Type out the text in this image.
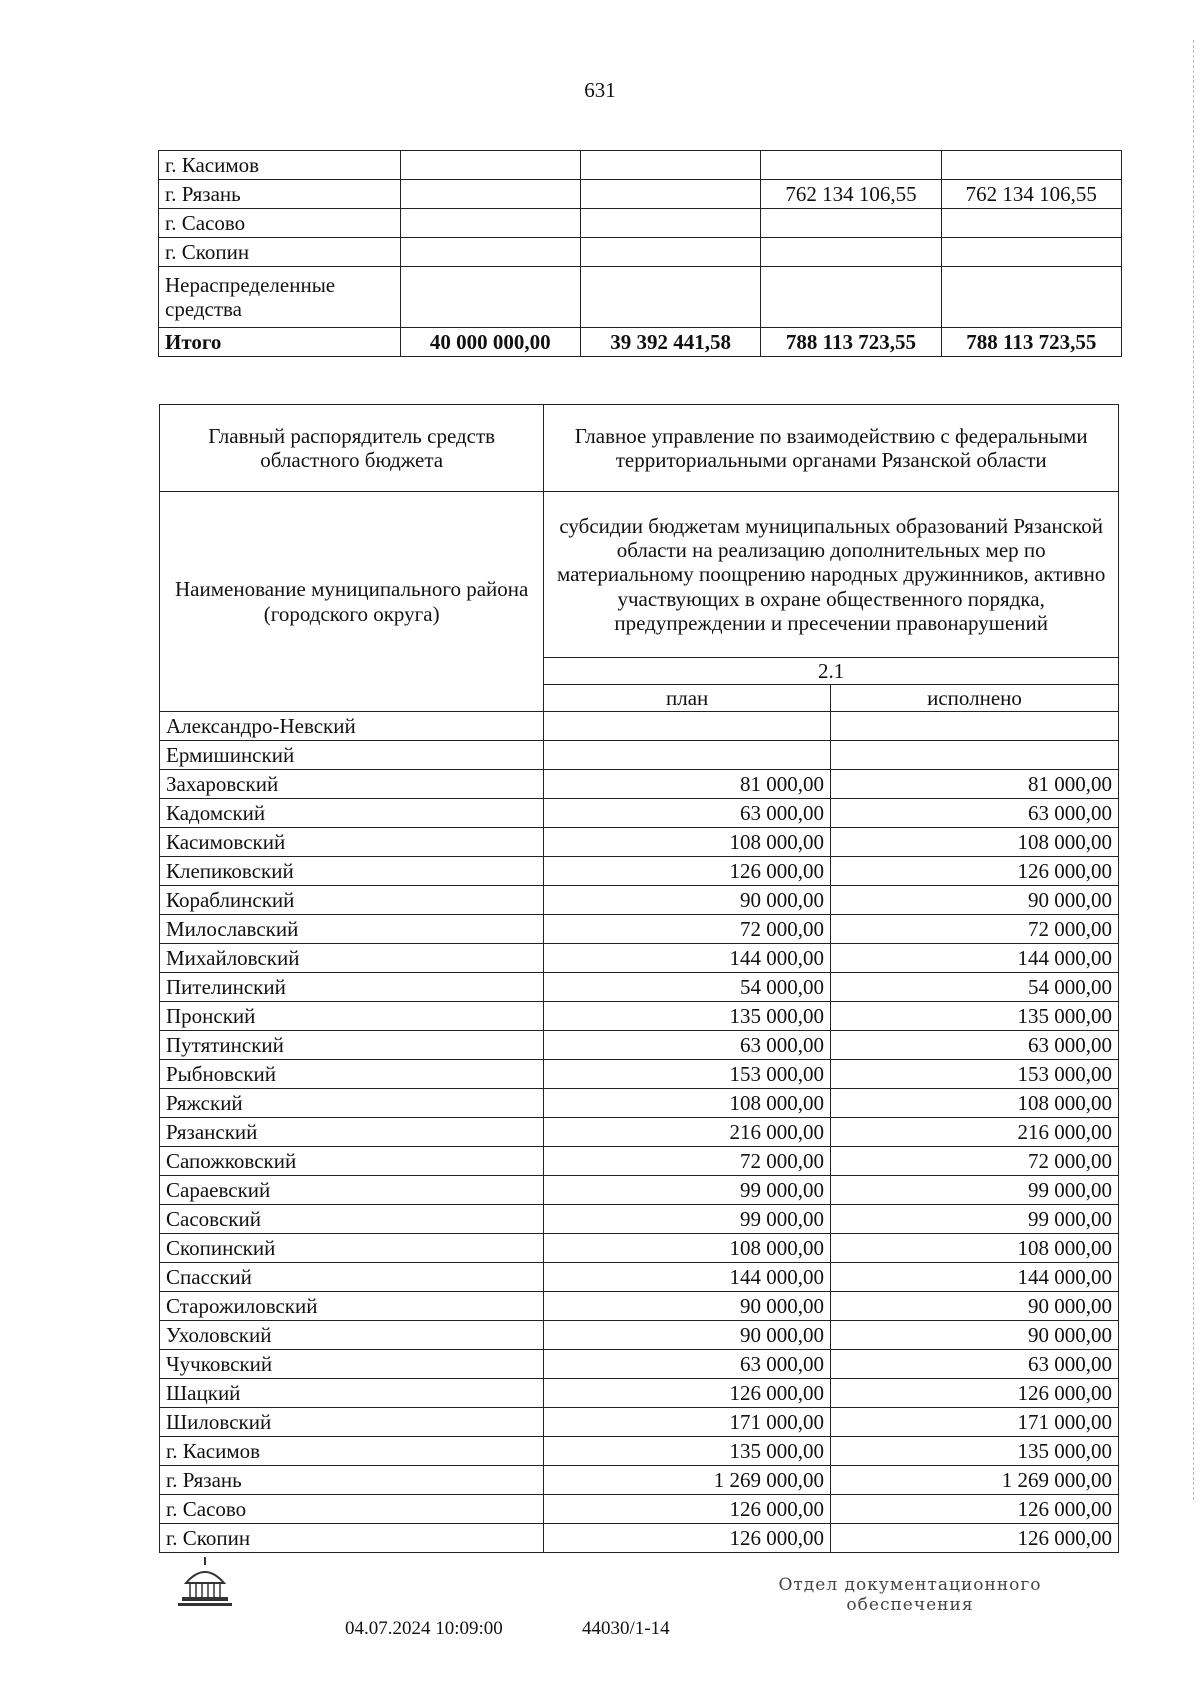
631
г. Касимов				
г. Рязань			762 134 106,55	762 134 106,55
г. Сасово				
г. Скопин				
Нераспределенные средства				
Итого	40 000 000,00	39 392 441,58	788 113 723,55	788 113 723,55
Главный распорядитель средств областного бюджета	Главное управление по взаимодействию с федеральными территориальными органами Рязанской области	
Наименование муниципального района (городского округа)	субсидии бюджетам муниципальных образований Рязанской области на реализацию дополнительных мер по материальному поощрению народных дружинников, активно участвующих в охране общественного порядка, предупреждении и пресечении правонарушений	
	2.1	
	план	исполнено
Александро-Невский		
Ермишинский		
Захаровский	81 000,00	81 000,00
Кадомский	63 000,00	63 000,00
Касимовский	108 000,00	108 000,00
Клепиковский	126 000,00	126 000,00
Кораблинский	90 000,00	90 000,00
Милославский	72 000,00	72 000,00
Михайловский	144 000,00	144 000,00
Пителинский	54 000,00	54 000,00
Пронский	135 000,00	135 000,00
Путятинский	63 000,00	63 000,00
Рыбновский	153 000,00	153 000,00
Ряжский	108 000,00	108 000,00
Рязанский	216 000,00	216 000,00
Сапожковский	72 000,00	72 000,00
Сараевский	99 000,00	99 000,00
Сасовский	99 000,00	99 000,00
Скопинский	108 000,00	108 000,00
Спасский	144 000,00	144 000,00
Старожиловский	90 000,00	90 000,00
Ухоловский	90 000,00	90 000,00
Чучковский	63 000,00	63 000,00
Шацкий	126 000,00	126 000,00
Шиловский	171 000,00	171 000,00
г. Касимов	135 000,00	135 000,00
г. Рязань	1 269 000,00	1 269 000,00
г. Сасово	126 000,00	126 000,00
г. Скопин	126 000,00	126 000,00
04.07.2024 10:09:00	44030/1-14
Отдел документационного обеспечения
